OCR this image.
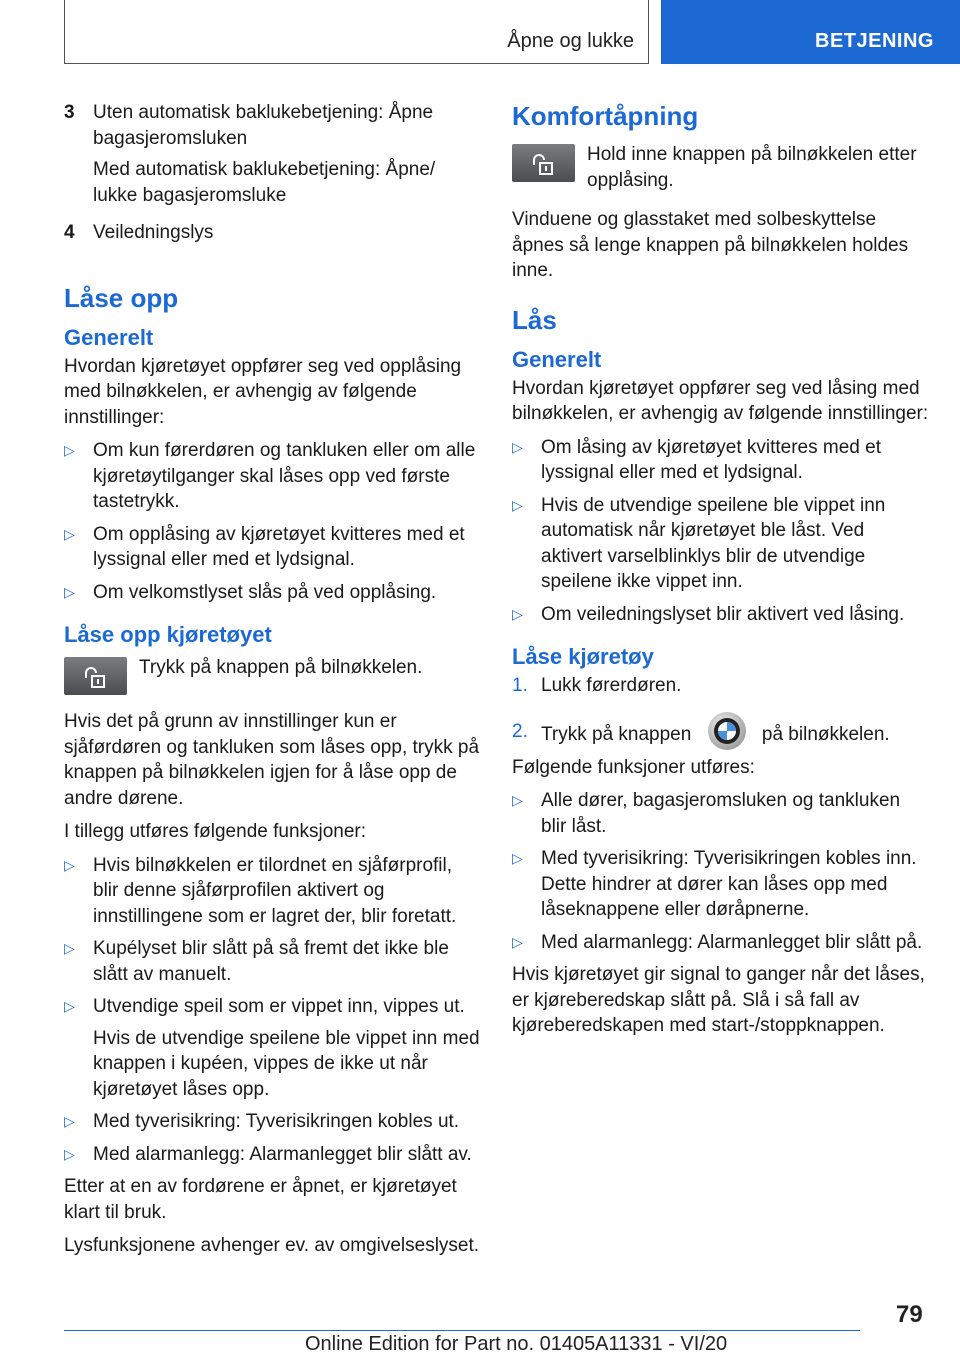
Åpne og lukke	BETJENING
3 Uten automatisk baklukebetjening: Åpne bagasjeromsluken

Med automatisk baklukebetjening: Åpne/ lukke bagasjeromsluke

4 Veiledningslys

Låse opp
Generelt

Hvordan kjøretøyet oppfører seg ved opplåsing med bilnøkkelen, er avhengig av følgende innstillinger:

▷ Om kun førerdøren og tankluken eller om alle kjøretøytilganger skal låses opp ved første tastetrykk.
▷ Om opplåsing av kjøretøyet kvitteres med et lyssignal eller med et lydsignal.
▷ Om velkomstlyset slås på ved opplåsing.
Låse opp kjøretøyet
Trykk på knappen på bilnøkkelen.

Hvis det på grunn av innstillinger kun er sjåførdøren og tankluken som låses opp, trykk på knappen på bilnøkkelen igjen for å låse opp de andre dørene.

I tillegg utføres følgende funksjoner:

▷ Hvis bilnøkkelen er tilordnet en sjåførprofil, blir denne sjåførprofilen aktivert og innstillingene som er lagret der, blir foretatt.
▷ Kupélyset blir slått på så fremt det ikke ble slått av manuelt.
▷ Utvendige speil som er vippet inn, vippes ut.

Hvis de utvendige speilene ble vippet inn med knappen i kupéen, vippes de ikke ut når kjøretøyet låses opp.

▷ Med tyverisikring: Tyverisikringen kobles ut.
▷ Med alarmanlegg: Alarmanlegget blir slått av.

Etter at en av fordørene er åpnet, er kjøretøyet klart til bruk.

Lysfunksjonene avhenger ev. av omgivelseslyset.

Komfortåpning
Hold inne knappen på bilnøkkelen etter opplåsing.

Vinduene og glasstaket med solbeskyttelse åpnes så lenge knappen på bilnøkkelen holdes inne.

Lås
Generelt

Hvordan kjøretøyet oppfører seg ved låsing med bilnøkkelen, er avhengig av følgende innstillinger:

▷ Om låsing av kjøretøyet kvitteres med et lyssignal eller med et lydsignal.
▷ Hvis de utvendige speilene ble vippet inn automatisk når kjøretøyet ble låst. Ved aktivert varselblinklys blir de utvendige speilene ikke vippet inn.
▷ Om veiledningslyset blir aktivert ved låsing.
Låse kjøretøy
1. Lukk førerdøren.
2. Trykk på knappen	på bilnøkkelen.

Følgende funksjoner utføres:

▷ Alle dører, bagasjeromsluken og tankluken blir låst.
▷ Med tyverisikring: Tyverisikringen kobles inn. Dette hindrer at dører kan låses opp med låseknappene eller døråpnerne.
▷ Med alarmanlegg: Alarmanlegget blir slått på.

Hvis kjøretøyet gir signal to ganger når det låses, er kjøreberedskap slått på. Slå i så fall av kjøreberedskapen med start-/stoppknappen.

79
Online Edition for Part no. 01405A11331 - VI/20
